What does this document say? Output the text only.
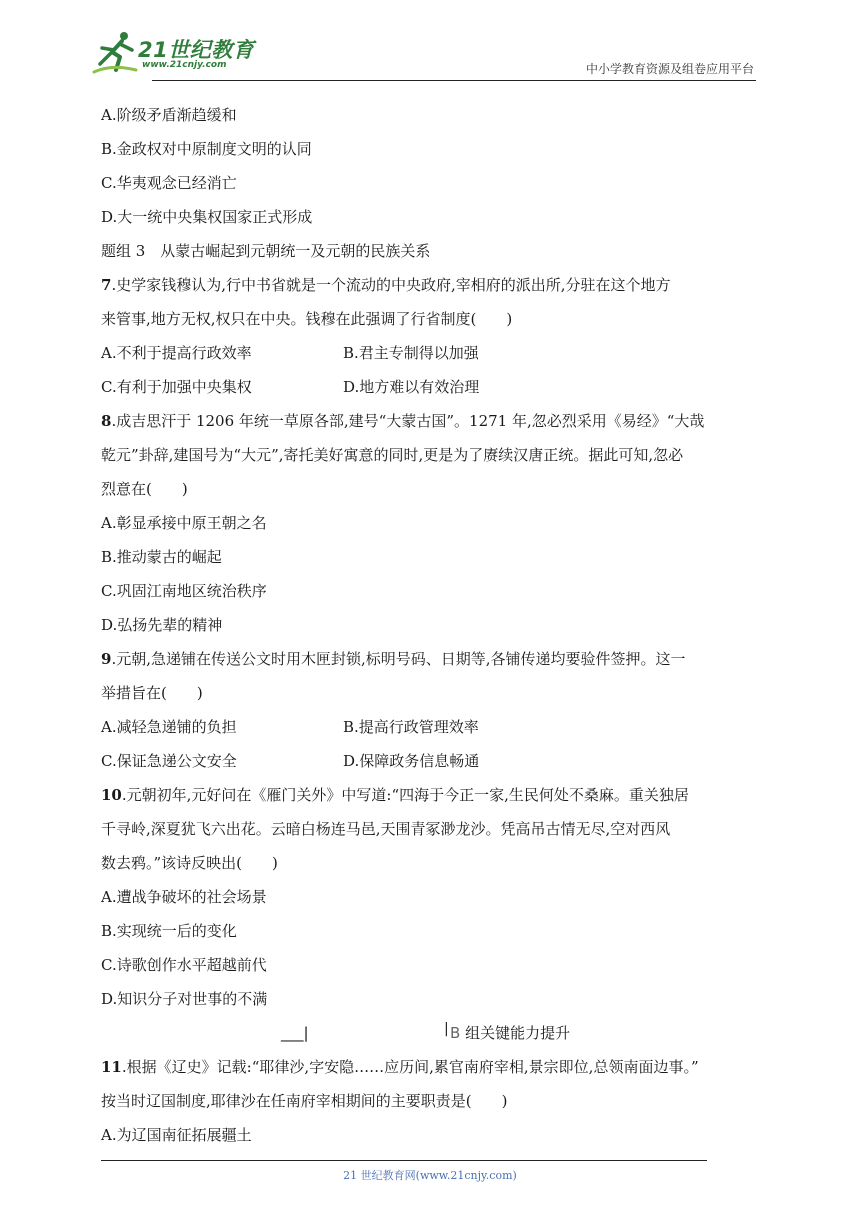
21世纪教育
www.21cnjy.com	中小学教育资源及组卷应用平台
A.阶级矛盾渐趋缓和
B.金政权对中原制度文明的认同
C.华夷观念已经消亡
D.大一统中央集权国家正式形成
题组 3　从蒙古崛起到元朝统一及元朝的民族关系
7.史学家钱穆认为,行中书省就是一个流动的中央政府,宰相府的派出所,分驻在这个地方
来管事,地方无权,权只在中央。钱穆在此强调了行省制度(　　)
A.不利于提高行政效率	B.君主专制得以加强
C.有利于加强中央集权	D.地方难以有效治理
8.成吉思汗于 1206 年统一草原各部,建号“大蒙古国”。1271 年,忽必烈采用《易经》“大哉
乾元”卦辞,建国号为“大元”,寄托美好寓意的同时,更是为了赓续汉唐正统。据此可知,忽必
烈意在(　　)
A.彰显承接中原王朝之名
B.推动蒙古的崛起
C.巩固江南地区统治秩序
D.弘扬先辈的精神
9.元朝,急递铺在传送公文时用木匣封锁,标明号码、日期等,各铺传递均要验件签押。这一
举措旨在(　　)
A.减轻急递铺的负担	B.提高行政管理效率
C.保证急递公文安全	D.保障政务信息畅通
10.元朝初年,元好问在《雁门关外》中写道:“四海于今正一家,生民何处不桑麻。重关独居
千寻岭,深夏犹飞六出花。云暗白杨连马邑,天围青冢渺龙沙。凭高吊古情无尽,空对西风
数去鸦。”该诗反映出(　　)
A.遭战争破坏的社会场景
B.实现统一后的变化
C.诗歌创作水平超越前代
D.知识分子对世事的不满
___|	| B 组关键能力提升
11.根据《辽史》记载:“耶律沙,字安隐……应历间,累官南府宰相,景宗即位,总领南面边事。”
按当时辽国制度,耶律沙在任南府宰相期间的主要职责是(　　)
A.为辽国南征拓展疆土
21 世纪教育网(www.21cnjy.com)
